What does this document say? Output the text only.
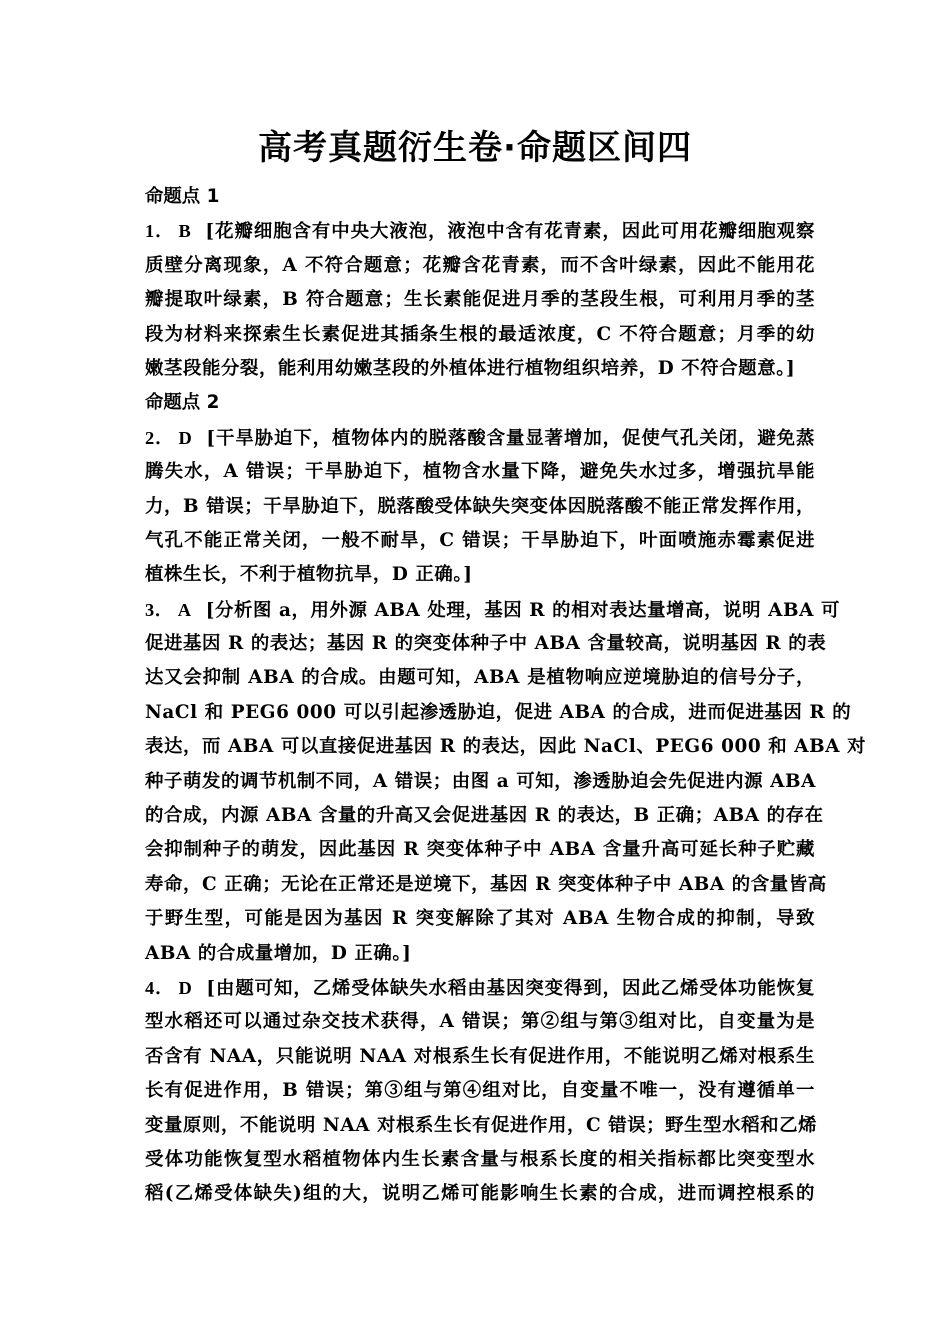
高考真题衍生卷·命题区间四
命题点 1
1． B [花瓣细胞含有中央大液泡，液泡中含有花青素，因此可用花瓣细胞观察
质壁分离现象，A 不符合题意；花瓣含花青素，而不含叶绿素，因此不能用花
瓣提取叶绿素，B 符合题意；生长素能促进月季的茎段生根，可利用月季的茎
段为材料来探索生长素促进其插条生根的最适浓度，C 不符合题意；月季的幼
嫩茎段能分裂，能利用幼嫩茎段的外植体进行植物组织培养，D 不符合题意。]
命题点 2
2． D [干旱胁迫下，植物体内的脱落酸含量显著增加，促使气孔关闭，避免蒸
腾失水，A 错误；干旱胁迫下，植物含水量下降，避免失水过多，增强抗旱能
力，B 错误；干旱胁迫下，脱落酸受体缺失突变体因脱落酸不能正常发挥作用，
气孔不能正常关闭，一般不耐旱，C 错误；干旱胁迫下，叶面喷施赤霉素促进
植株生长，不利于植物抗旱，D 正确。]
3． A [分析图 a，用外源 ABA 处理，基因 R 的相对表达量增高，说明 ABA 可
促进基因 R 的表达；基因 R 的突变体种子中 ABA 含量较高，说明基因 R 的表
达又会抑制 ABA 的合成。由题可知，ABA 是植物响应逆境胁迫的信号分子，
NaCl 和 PEG6 000 可以引起渗透胁迫，促进 ABA 的合成，进而促进基因 R 的
表达，而 ABA 可以直接促进基因 R 的表达，因此 NaCl、PEG6 000 和 ABA 对
种子萌发的调节机制不同，A 错误；由图 a 可知，渗透胁迫会先促进内源 ABA
的合成，内源 ABA 含量的升高又会促进基因 R 的表达，B 正确；ABA 的存在
会抑制种子的萌发，因此基因 R 突变体种子中 ABA 含量升高可延长种子贮藏
寿命，C 正确；无论在正常还是逆境下，基因 R 突变体种子中 ABA 的含量皆高
于野生型，可能是因为基因 R 突变解除了其对 ABA 生物合成的抑制，导致
ABA 的合成量增加，D 正确。]
4． D [由题可知，乙烯受体缺失水稻由基因突变得到，因此乙烯受体功能恢复
型水稻还可以通过杂交技术获得，A 错误；第②组与第③组对比，自变量为是
否含有 NAA，只能说明 NAA 对根系生长有促进作用，不能说明乙烯对根系生
长有促进作用，B 错误；第③组与第④组对比，自变量不唯一，没有遵循单一
变量原则，不能说明 NAA 对根系生长有促进作用，C 错误；野生型水稻和乙烯
受体功能恢复型水稻植物体内生长素含量与根系长度的相关指标都比突变型水
稻(乙烯受体缺失)组的大，说明乙烯可能影响生长素的合成，进而调控根系的
